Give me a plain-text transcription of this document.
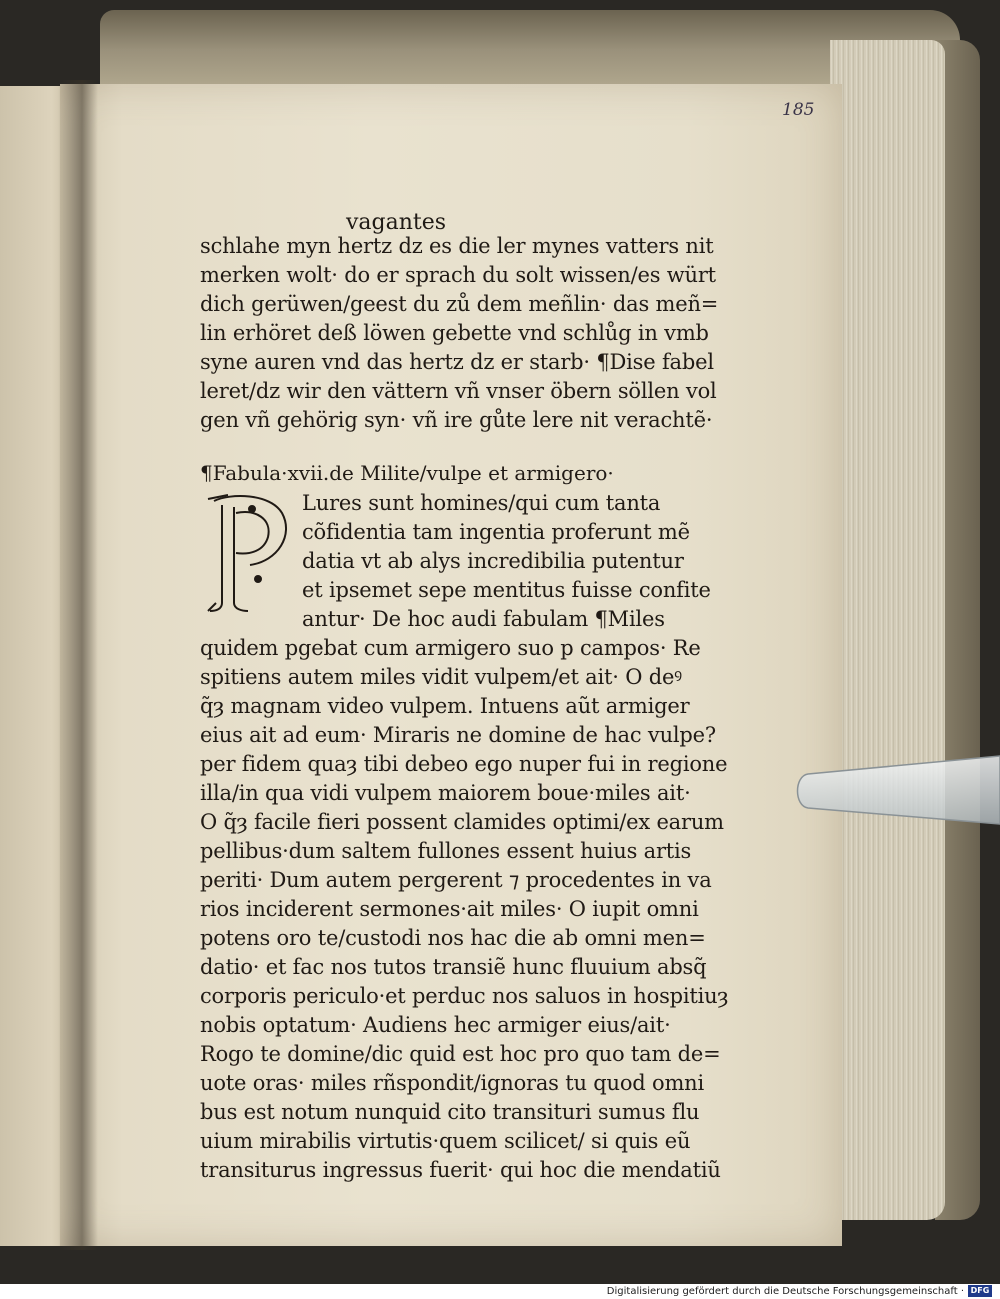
185
vagantes
schlahe myn hertz dz es die ler mynes vatters nit
merken wolt· do er sprach du solt wissen/es würt
dich gerüwen/geest du zů dem meñlin· das meñ=
lin erhöret deß löwen gebette vnd schlůg in vmb
syne auren vnd das hertz dz er starb· ¶Dise fabel
leret/dz wir den vättern vñ vnser öbern söllen vol
gen vñ gehörig syn· vñ ire gůte lere nit verachtẽ·
¶Fabula·xvii.de Milite/vulpe et armigero·
P
Lures sunt homines/qui cum tanta
cõfidentia tam ingentia proferunt mẽ
datia vt ab alys incredibilia putentur
et ipsemet sepe mentitus fuisse confite
antur· De hoc audi fabulam ¶Miles
quidem pgebat cum armigero suo p campos· Re
spitiens autem miles vidit vulpem/et ait· O deꝰ
q̃ȝ magnam video vulpem. Intuens aũt armiger
eius ait ad eum· Miraris ne domine de hac vulpe?
per fidem quaȝ tibi debeo ego nuper fui in regione
illa/in qua vidi vulpem maiorem boue·miles ait·
O q̃ȝ facile fieri possent clamides optimi/ex earum
pellibus·dum saltem fullones essent huius artis
periti· Dum autem pergerent ⁊ procedentes in va
rios inciderent sermones·ait miles· O iupit omni
potens oro te/custodi nos hac die ab omni men=
datio· et fac nos tutos transiẽ hunc fluuium absq̃
corporis periculo·et perduc nos saluos in hospitiuȝ
nobis optatum· Audiens hec armiger eius/ait·
Rogo te domine/dic quid est hoc pro quo tam de=
uote oras· miles rñspondit/ignoras tu quod omni
bus est notum nunquid cito transituri sumus flu
uium mirabilis virtutis·quem scilicet/ si quis eũ
transiturus ingressus fuerit· qui hoc die mendatiũ
Digitalisierung gefördert durch die Deutsche Forschungsgemeinschaft · DFG
